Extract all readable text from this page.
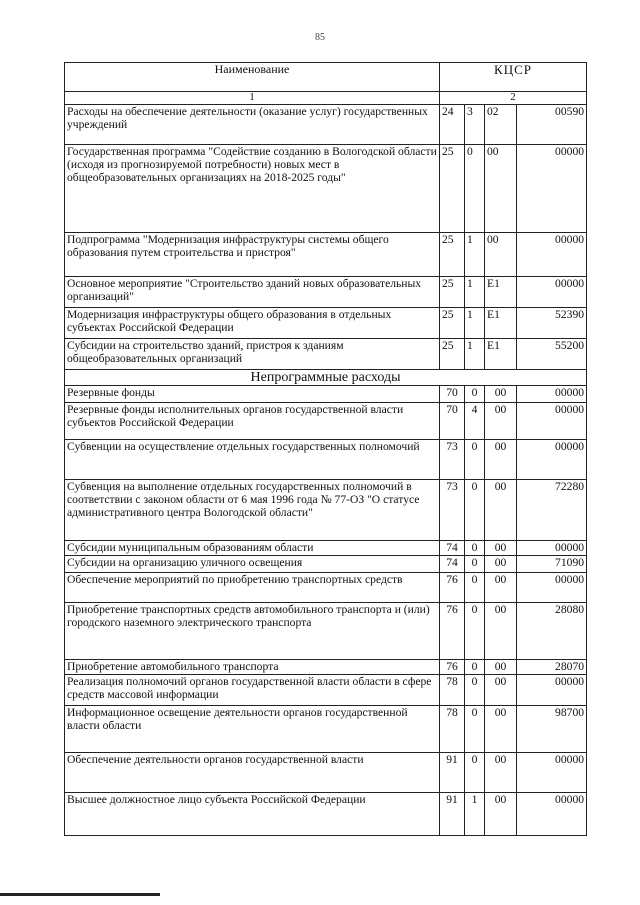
85
Наименование	КЦСР			
1	2			
Расходы на обеспечение деятельности (оказание услуг) государственных учреждений	24	3	02	00590
Государственная программа "Содействие созданию в Вологодской области (исходя из прогнозируемой потребности) новых мест в общеобразовательных организациях на 2018-2025 годы"	25	0	00	00000
Подпрограмма "Модернизация инфраструктуры системы общего образования путем строительства и пристроя"	25	1	00	00000
Основное мероприятие "Строительство зданий новых образовательных организаций"	25	1	Е1	00000
Модернизация инфраструктуры общего образования в отдельных субъектах Российской Федерации	25	1	Е1	52390
Субсидии на строительство зданий, пристроя к зданиям общеобразовательных организаций	25	1	Е1	55200
Непрограммные расходы				
Резервные фонды	70	0	00	00000
Резервные фонды исполнительных органов государственной власти субъектов Российской Федерации	70	4	00	00000
Субвенции на осуществление отдельных государственных полномочий	73	0	00	00000
Субвенция на выполнение отдельных государственных полномочий в соответствии с законом области от 6 мая 1996 года № 77-ОЗ "О статусе административного центра Вологодской области"	73	0	00	72280
Субсидии муниципальным образованиям области	74	0	00	00000
Субсидии на организацию уличного освещения	74	0	00	71090
Обеспечение мероприятий по приобретению транспортных средств	76	0	00	00000
Приобретение транспортных средств автомобильного транспорта и (или) городского наземного электрического транспорта	76	0	00	28080
Приобретение автомобильного транспорта	76	0	00	28070
Реализация полномочий органов государственной власти области в сфере средств массовой информации	78	0	00	00000
Информационное освещение деятельности органов государственной власти области	78	0	00	98700
Обеспечение деятельности органов государственной власти	91	0	00	00000
Высшее должностное лицо субъекта Российской Федерации	91	1	00	00000
